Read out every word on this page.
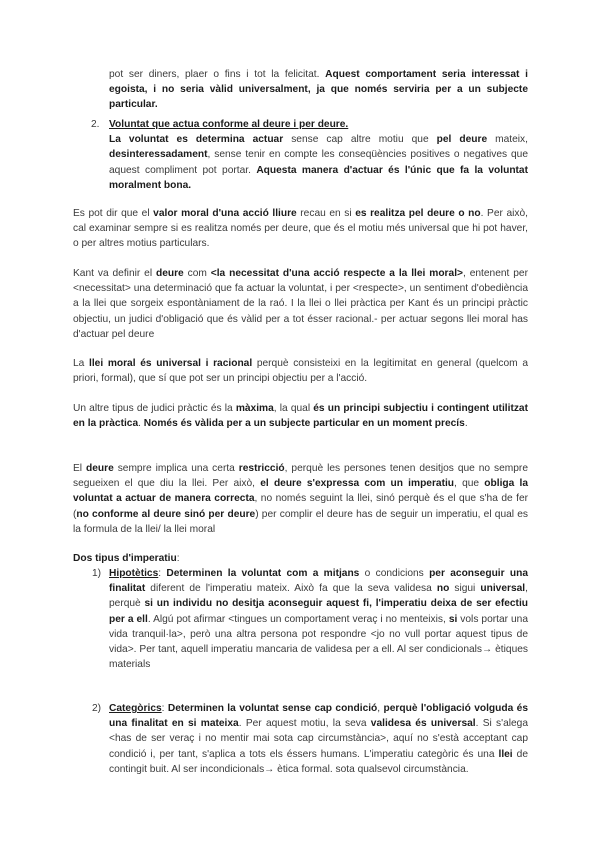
pot ser diners, plaer o fins i tot la felicitat. Aquest comportament seria interessat i egoista, i no seria vàlid universalment, ja que només serviria per a un subjecte particular.

2. Voluntat que actua conforme al deure i per deure.
La voluntat es determina actuar sense cap altre motiu que pel deure mateix, desinteressadament, sense tenir en compte les conseqüències positives o negatives que aquest compliment pot portar. Aquesta manera d'actuar és l'únic que fa la voluntat moralment bona.

Es pot dir que el valor moral d'una acció lliure recau en si es realitza pel deure o no. Per això, cal examinar sempre si es realitza només per deure, que és el motiu més universal que hi pot haver, o per altres motius particulars.

Kant va definir el deure com <la necessitat d'una acció respecte a la llei moral>, entenent per <necessitat> una determinació que fa actuar la voluntat, i per <respecte>, un sentiment d'obediència a la llei que sorgeix espontàniament de la raó. I la llei o llei pràctica per Kant és un principi pràctic objectiu, un judici d'obligació que és vàlid per a tot ésser racional.- per actuar segons llei moral has d'actuar pel deure

La llei moral és universal i racional perquè consisteixi en la legitimitat en general (quelcom a priori, formal), que sí que pot ser un principi objectiu per a l'acció.

Un altre tipus de judici pràctic és la màxima, la qual és un principi subjectiu i contingent utilitzat en la pràctica. Només és vàlida per a un subjecte particular en un moment precís.

El deure sempre implica una certa restricció, perquè les persones tenen desitjos que no sempre segueixen el que diu la llei. Per això, el deure s'expressa com un imperatiu, que obliga la voluntat a actuar de manera correcta, no només seguint la llei, sinó perquè és el que s'ha de fer (no conforme al deure sinó per deure) per complir el deure has de seguir un imperatiu, el qual es la formula de la llei/ la llei moral

Dos tipus d'imperatiu:

1) Hipotètics: Determinen la voluntat com a mitjans o condicions per aconseguir una finalitat diferent de l'imperatiu mateix. Això fa que la seva validesa no sigui universal, perquè si un individu no desitja aconseguir aquest fi, l'imperatiu deixa de ser efectiu per a ell. Algú pot afirmar <tingues un comportament veraç i no menteixis, si vols portar una vida tranquil·la>, però una altra persona pot respondre <jo no vull portar aquest tipus de vida>. Per tant, aquell imperatiu mancaria de validesa per a ell. Al ser condicionals→ ètiques materials

2) Categòrics: Determinen la voluntat sense cap condició, perquè l'obligació volguda és una finalitat en si mateixa. Per aquest motiu, la seva validesa és universal. Si s'alega <has de ser veraç i no mentir mai sota cap circumstància>, aquí no s'està acceptant cap condició i, per tant, s'aplica a tots els éssers humans. L'imperatiu categòric és una llei de contingit buit. Al ser incondicionals→ ètica formal. sota qualsevol circumstància.
